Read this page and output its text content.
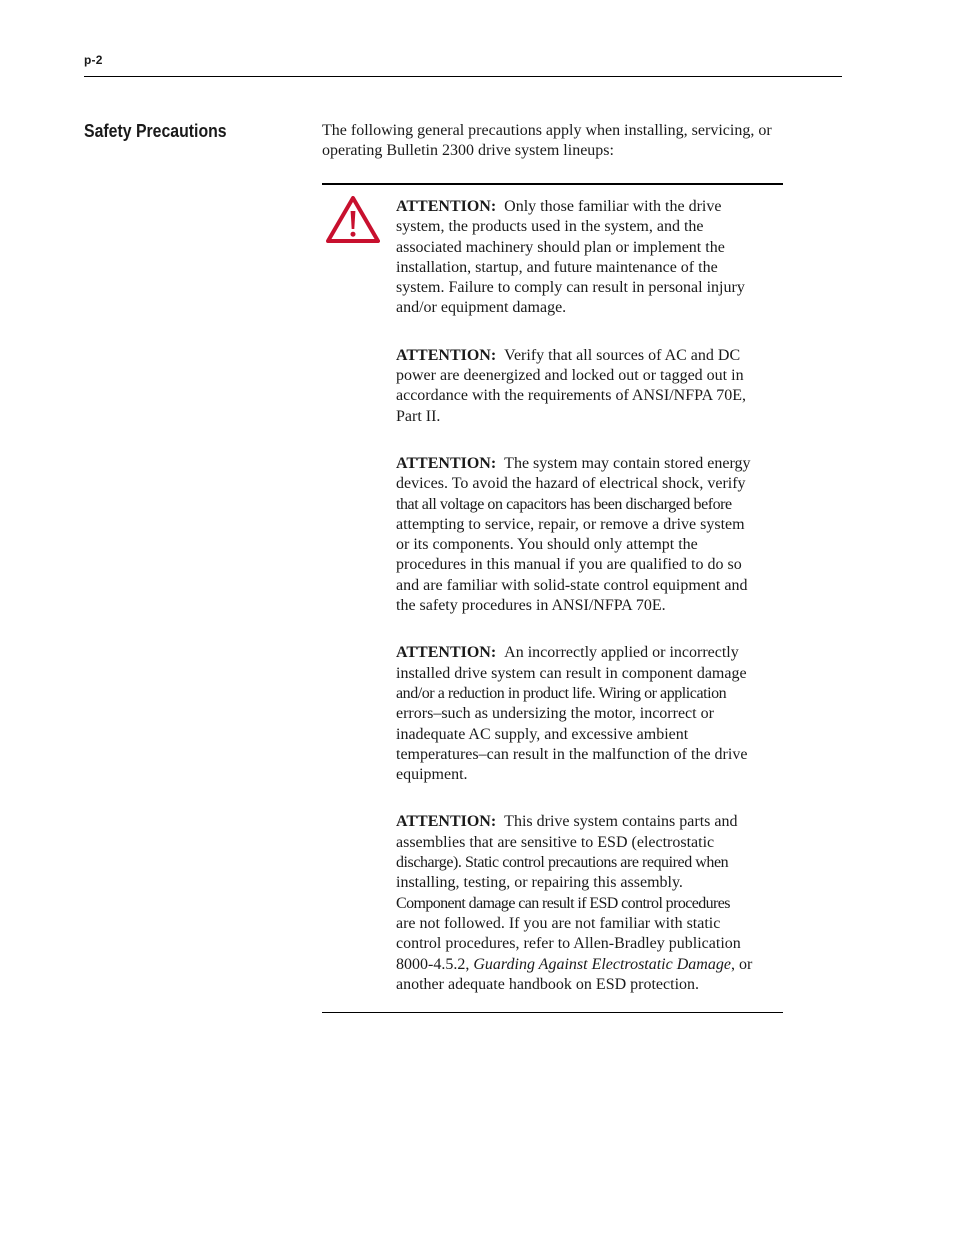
p-2
Safety Precautions	The following general precautions apply when installing, servicing, or
operating Bulletin 2300 drive system lineups:
ATTENTION: Only those familiar with the drive
system, the products used in the system, and the
associated machinery should plan or implement the
installation, startup, and future maintenance of the
system. Failure to comply can result in personal injury
and/or equipment damage.
ATTENTION: Verify that all sources of AC and DC
power are deenergized and locked out or tagged out in
accordance with the requirements of ANSI/NFPA 70E,
Part II.
ATTENTION: The system may contain stored energy
devices. To avoid the hazard of electrical shock, verify
that all voltage on capacitors has been discharged before
attempting to service, repair, or remove a drive system
or its components. You should only attempt the
procedures in this manual if you are qualified to do so
and are familiar with solid-state control equipment and
the safety procedures in ANSI/NFPA 70E.
ATTENTION: An incorrectly applied or incorrectly
installed drive system can result in component damage
and/or a reduction in product life. Wiring or application
errors–such as undersizing the motor, incorrect or
inadequate AC supply, and excessive ambient
temperatures–can result in the malfunction of the drive
equipment.
ATTENTION: This drive system contains parts and
assemblies that are sensitive to ESD (electrostatic
discharge). Static control precautions are required when
installing, testing, or repairing this assembly.
Component damage can result if ESD control procedures
are not followed. If you are not familiar with static
control procedures, refer to Allen-Bradley publication
8000-4.5.2, Guarding Against Electrostatic Damage, or
another adequate handbook on ESD protection.
